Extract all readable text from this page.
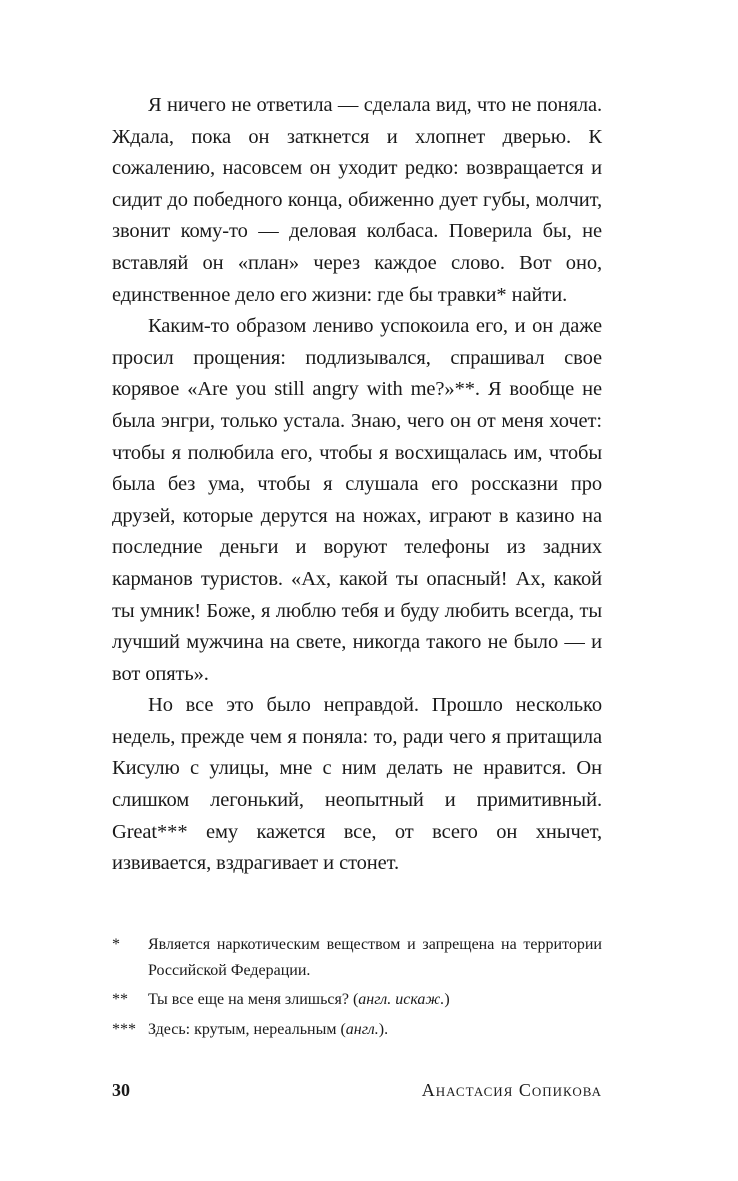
Я ничего не ответила — сделала вид, что не поняла. Ждала, пока он заткнется и хлопнет дверью. К сожалению, насовсем он уходит редко: возвращается и сидит до победного конца, обиженно дует губы, молчит, звонит кому-то — деловая колбаса. Поверила бы, не вставляй он «план» через каждое слово. Вот оно, единственное дело его жизни: где бы травки* найти.

Каким-то образом лениво успокоила его, и он даже просил прощения: подлизывался, спрашивал свое корявое «Are you still angry with me?»**. Я вообще не была энгри, только устала. Знаю, чего он от меня хочет: чтобы я полюбила его, чтобы я восхищалась им, чтобы была без ума, чтобы я слушала его россказни про друзей, которые дерутся на ножах, играют в казино на последние деньги и воруют телефоны из задних карманов туристов. «Ах, какой ты опасный! Ах, какой ты умник! Боже, я люблю тебя и буду любить всегда, ты лучший мужчина на свете, никогда такого не было — и вот опять».

Но все это было неправдой. Прошло несколько недель, прежде чем я поняла: то, ради чего я притащила Кисулю с улицы, мне с ним делать не нравится. Он слишком легонький, неопытный и примитивный. Great*** ему кажется все, от всего он хнычет, извивается, вздрагивает и стонет.

*	Является наркотическим веществом и запрещена на территории Российской Федерации.
**	Ты все еще на меня злишься? (англ. искаж.)
*** Здесь: крутым, нереальным (англ.).
30	Анастасия Сопикова
